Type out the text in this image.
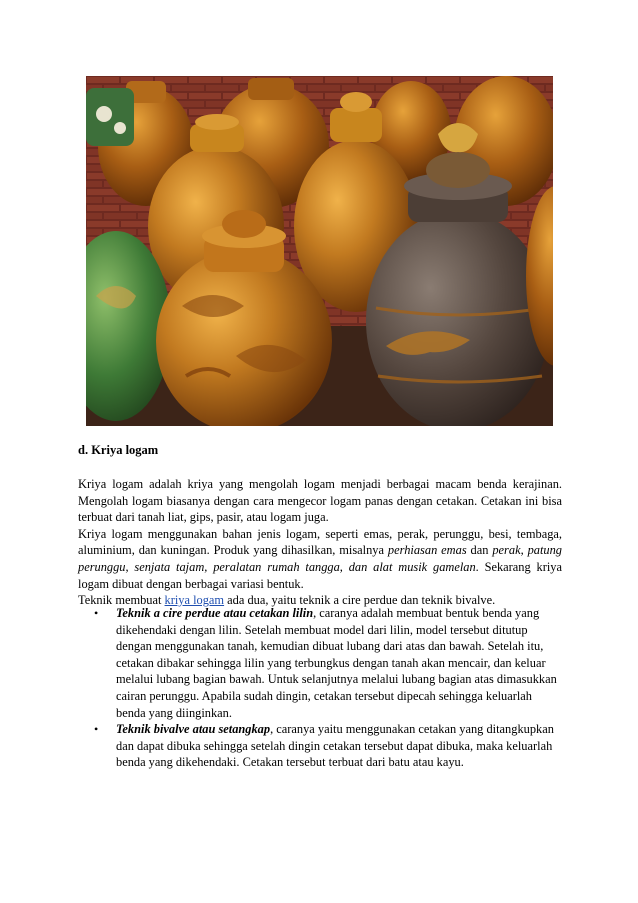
d. Kriya logam

Kriya logam adalah kriya yang mengolah logam menjadi berbagai macam benda kerajinan. Mengolah logam biasanya dengan cara mengecor logam panas dengan cetakan. Cetakan ini bisa terbuat dari tanah liat, gips, pasir, atau logam juga.

Kriya logam menggunakan bahan jenis logam, seperti emas, perak, perunggu, besi, tembaga, aluminium, dan kuningan. Produk yang dihasilkan, misalnya perhiasan emas dan perak, patung perunggu, senjata tajam, peralatan rumah tangga, dan alat musik gamelan. Sekarang kriya logam dibuat dengan berbagai variasi bentuk.

Teknik membuat kriya logam ada dua, yaitu teknik a cire perdue dan teknik bivalve.

• Teknik a cire perdue atau cetakan lilin, caranya adalah membuat bentuk benda yang dikehendaki dengan lilin. Setelah membuat model dari lilin, model tersebut ditutup dengan menggunakan tanah, kemudian dibuat lubang dari atas dan bawah. Setelah itu, cetakan dibakar sehingga lilin yang terbungkus dengan tanah akan mencair, dan keluar melalui lubang bagian bawah. Untuk selanjutnya melalui lubang bagian atas dimasukkan cairan perunggu. Apabila sudah dingin, cetakan tersebut dipecah sehingga keluarlah benda yang diinginkan.
• Teknik bivalve atau setangkap, caranya yaitu menggunakan cetakan yang ditangkupkan dan dapat dibuka sehingga setelah dingin cetakan tersebut dapat dibuka, maka keluarlah benda yang dikehendaki. Cetakan tersebut terbuat dari batu atau kayu.
